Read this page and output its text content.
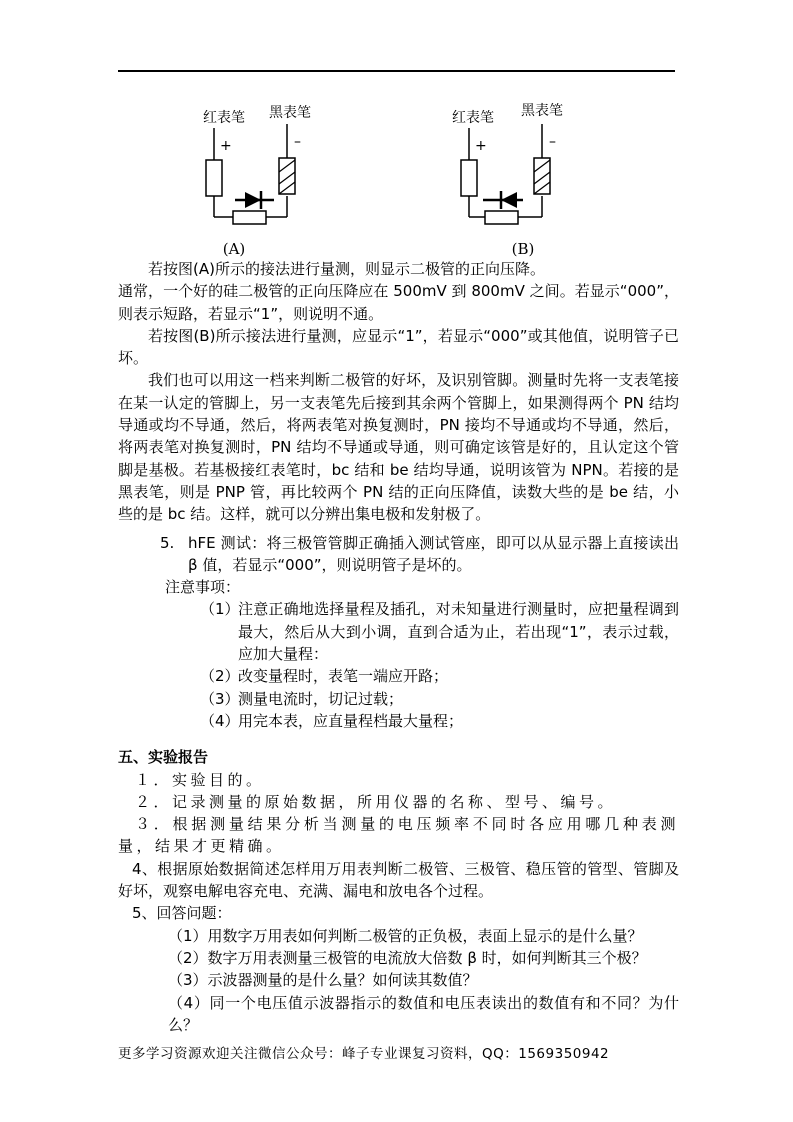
红表笔 黑表笔
+	–
(A)
红表笔 黑表笔
+	–
(B)

若按图(A)所示的接法进行量测，则显示二极管的正向压降。

通常，一个好的硅二极管的正向压降应在 500mV 到 800mV 之间。若显示“000”，则表示短路，若显示“1”，则说明不通。

若按图(B)所示接法进行量测，应显示“1”，若显示“000”或其他值，说明管子已坏。

我们也可以用这一档来判断二极管的好坏，及识别管脚。测量时先将一支表笔接在某一认定的管脚上，另一支表笔先后接到其余两个管脚上，如果测得两个 PN 结均导通或均不导通，然后，将两表笔对换复测时，PN 接均不导通或均不导通，然后，将两表笔对换复测时，PN 结均不导通或导通，则可确定该管是好的，且认定这个管脚是基极。若基极接红表笔时，bc 结和 be 结均导通，说明该管为 NPN。若接的是黑表笔，则是 PNP 管，再比较两个 PN 结的正向压降值，读数大些的是 be 结，小些的是 bc 结。这样，就可以分辨出集电极和发射极了。

5. hFE 测试：将三极管管脚正确插入测试管座，即可以从显示器上直接读出 β 值，若显示“000”，则说明管子是坏的。
注意事项：
（1）
注意正确地选择量程及插孔，对未知量进行测量时，应把量程调到最大，然后从大到小调，直到合适为止，若出现“1”，表示过载，应加大量程：
（2）
改变量程时，表笔一端应开路；
（3）
测量电流时，切记过载；
（4）
用完本表，应直量程档最大量程；
五、实验报告

１．实验目的。

２．记录测量的原始数据，所用仪器的名称、型号、编号。

３．根据测量结果分析当测量的电压频率不同时各应用哪几种表测量，结果才更精确。

4、根据原始数据简述怎样用万用表判断二极管、三极管、稳压管的管型、管脚及好坏，观察电解电容充电、充满、漏电和放电各个过程。

5、回答问题：

（1）用数字万用表如何判断二极管的正负极，表面上显示的是什么量？

（2）数字万用表测量三极管的电流放大倍数 β 时，如何判断其三个极？

（3）示波器测量的是什么量？如何读其数值？

（4）同一个电压值示波器指示的数值和电压表读出的数值有和不同？为什么？

更多学习资源欢迎关注微信公众号：峰子专业课复习资料，QQ：1569350942
